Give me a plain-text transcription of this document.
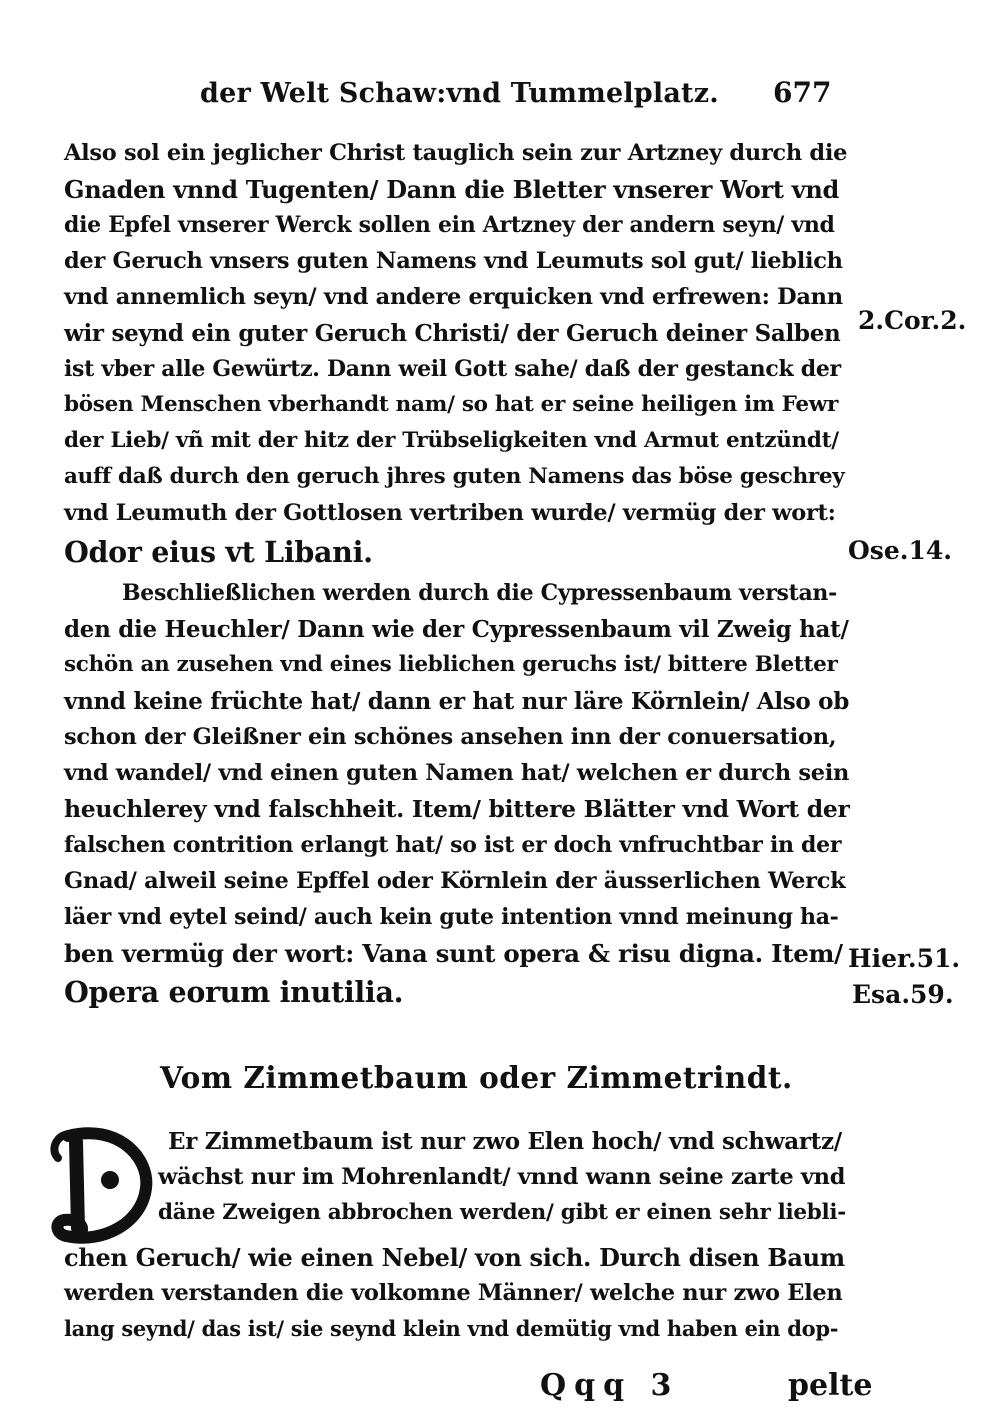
der Welt Schaw:vnd Tummelplatz. 677
Also sol ein jeglicher Christ tauglich sein zur Artzney durch die
Gnaden vnnd Tugenten/ Dann die Bletter vnserer Wort vnd
die Epfel vnserer Werck sollen ein Artzney der andern seyn/ vnd
der Geruch vnsers guten Namens vnd Leumuts sol gut/ lieblich
vnd annemlich seyn/ vnd andere erquicken vnd erfrewen: Dann
wir seynd ein guter Geruch Christi/ der Geruch deiner Salben
ist vber alle Gewürtz. Dann weil Gott sahe/ daß der gestanck der
bösen Menschen vberhandt nam/ so hat er seine heiligen im Fewr
der Lieb/ vñ mit der hitz der Trübseligkeiten vnd Armut entzündt/
auff daß durch den geruch jhres guten Namens das böse geschrey
vnd Leumuth der Gottlosen vertriben wurde/ vermüg der wort:
Odor eius vt Libani.
Beschließlichen werden durch die Cypressenbaum verstan-
den die Heuchler/ Dann wie der Cypressenbaum vil Zweig hat/
schön an zusehen vnd eines lieblichen geruchs ist/ bittere Bletter
vnnd keine früchte hat/ dann er hat nur läre Körnlein/ Also ob
schon der Gleißner ein schönes ansehen inn der conuersation,
vnd wandel/ vnd einen guten Namen hat/ welchen er durch sein
heuchlerey vnd falschheit. Item/ bittere Blätter vnd Wort der
falschen contrition erlangt hat/ so ist er doch vnfruchtbar in der
Gnad/ alweil seine Epffel oder Körnlein der äusserlichen Werck
läer vnd eytel seind/ auch kein gute intention vnnd meinung ha-
ben vermüg der wort: Vana sunt opera & risu digna. Item/
Opera eorum inutilia.
2.Cor.2.
Ose.14.
Hier.51.
Esa.59.
Vom Zimmetbaum oder Zimmetrindt.
Er Zimmetbaum ist nur zwo Elen hoch/ vnd schwartz/
wächst nur im Mohrenlandt/ vnnd wann seine zarte vnd
däne Zweigen abbrochen werden/ gibt er einen sehr liebli-
chen Geruch/ wie einen Nebel/ von sich. Durch disen Baum
werden verstanden die volkomne Männer/ welche nur zwo Elen
lang seynd/ das ist/ sie seynd klein vnd demütig vnd haben ein dop-
Qqq 3	pelte
